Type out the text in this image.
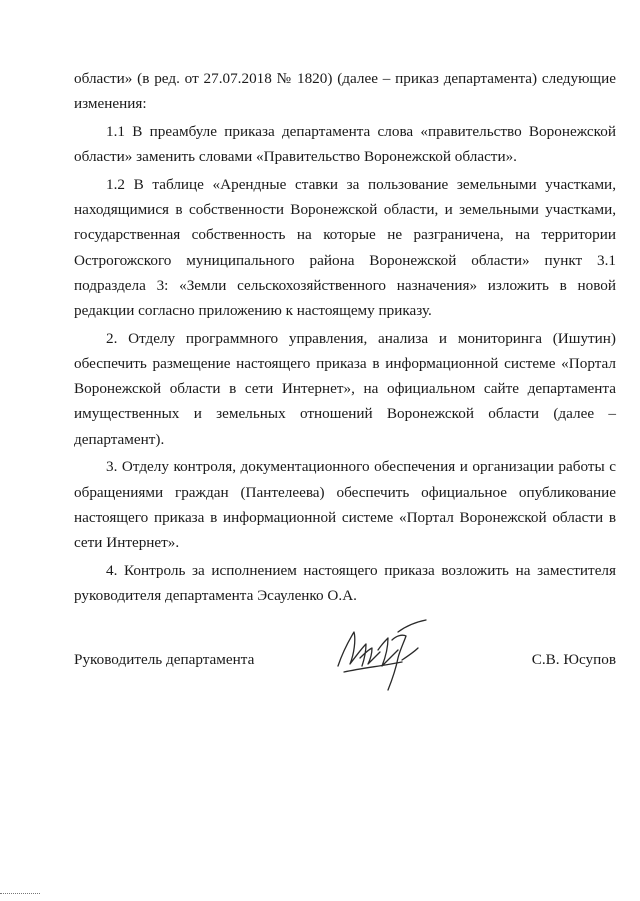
области» (в ред. от 27.07.2018 № 1820) (далее – приказ департамента) следующие изменения:

1.1 В преамбуле приказа департамента слова «правительство Воронежской области» заменить словами «Правительство Воронежской области».

1.2 В таблице «Арендные ставки за пользование земельными участками, находящимися в собственности Воронежской области, и земельными участками, государственная собственность на которые не разграничена, на территории Острогожского муниципального района Воронежской области» пункт 3.1 подраздела 3: «Земли сельскохозяйственного назначения» изложить в новой редакции согласно приложению к настоящему приказу.

2. Отделу программного управления, анализа и мониторинга (Ишутин) обеспечить размещение настоящего приказа в информационной системе «Портал Воронежской области в сети Интернет», на официальном сайте департамента имущественных и земельных отношений Воронежской области (далее – департамент).

3. Отделу контроля, документационного обеспечения и организации работы с обращениями граждан (Пантелеева) обеспечить официальное опубликование настоящего приказа в информационной системе «Портал Воронежской области в сети Интернет».

4. Контроль за исполнением настоящего приказа возложить на заместителя руководителя департамента Эсауленко О.А.

Руководитель департамента	С.В. Юсупов
